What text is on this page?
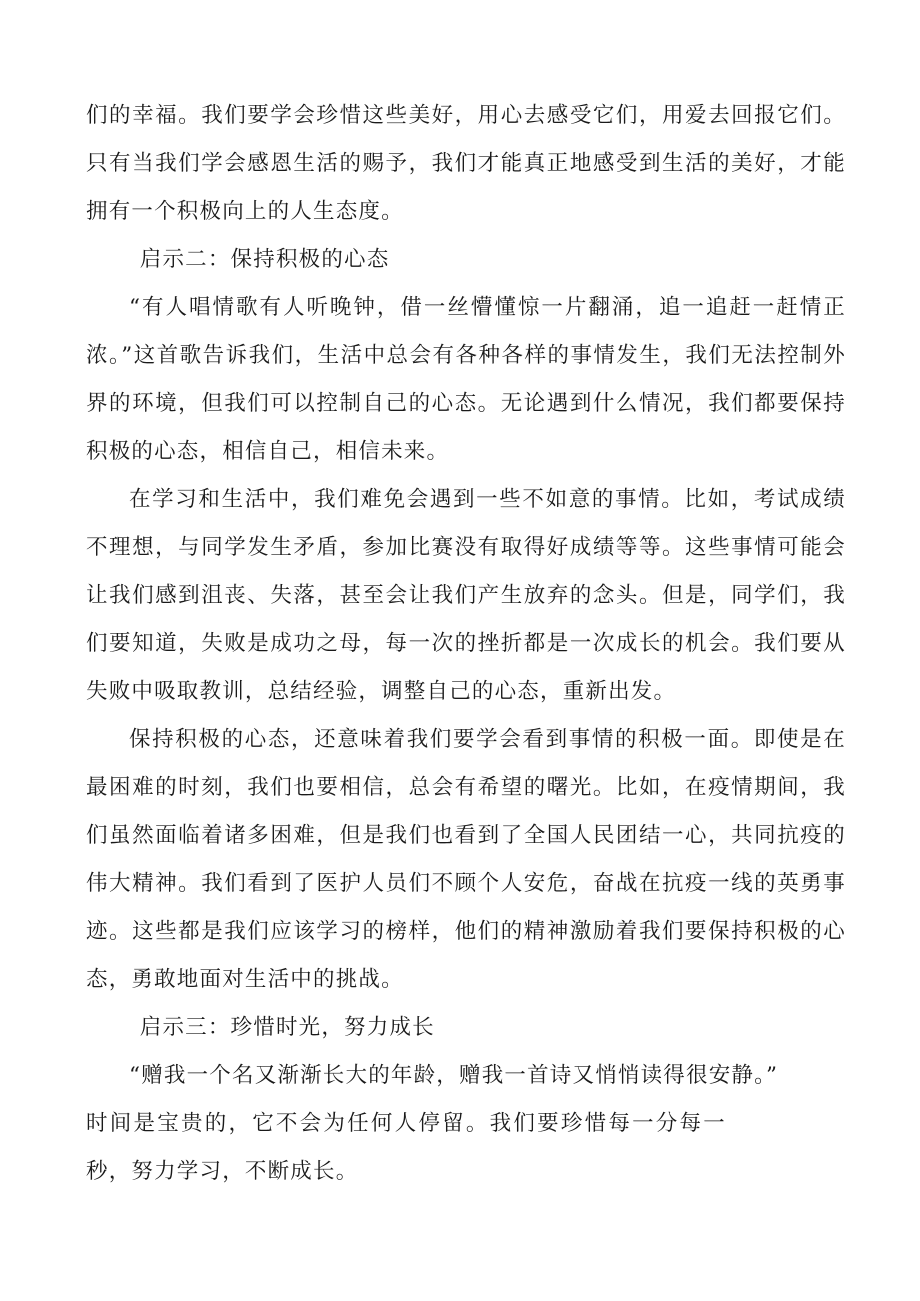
们的幸福。我们要学会珍惜这些美好，用心去感受它们，用爱去回报它们。只有当我们学会感恩生活的赐予，我们才能真正地感受到生活的美好，才能拥有一个积极向上的人生态度。

启示二：保持积极的心态

“有人唱情歌有人听晚钟，借一丝懵懂惊一片翻涌，追一追赶一赶情正浓。”这首歌告诉我们，生活中总会有各种各样的事情发生，我们无法控制外界的环境，但我们可以控制自己的心态。无论遇到什么情况，我们都要保持积极的心态，相信自己，相信未来。

在学习和生活中，我们难免会遇到一些不如意的事情。比如，考试成绩不理想，与同学发生矛盾，参加比赛没有取得好成绩等等。这些事情可能会让我们感到沮丧、失落，甚至会让我们产生放弃的念头。但是，同学们，我们要知道，失败是成功之母，每一次的挫折都是一次成长的机会。我们要从失败中吸取教训，总结经验，调整自己的心态，重新出发。

保持积极的心态，还意味着我们要学会看到事情的积极一面。即使是在最困难的时刻，我们也要相信，总会有希望的曙光。比如，在疫情期间，我们虽然面临着诸多困难，但是我们也看到了全国人民团结一心，共同抗疫的伟大精神。我们看到了医护人员们不顾个人安危，奋战在抗疫一线的英勇事迹。这些都是我们应该学习的榜样，他们的精神激励着我们要保持积极的心态，勇敢地面对生活中的挑战。

启示三：珍惜时光，努力成长

“赠我一个名又渐渐长大的年龄，赠我一首诗又悄悄读得很安静。”

时间是宝贵的，它不会为任何人停留。我们要珍惜每一分每一秒，努力学习，不断成长。
